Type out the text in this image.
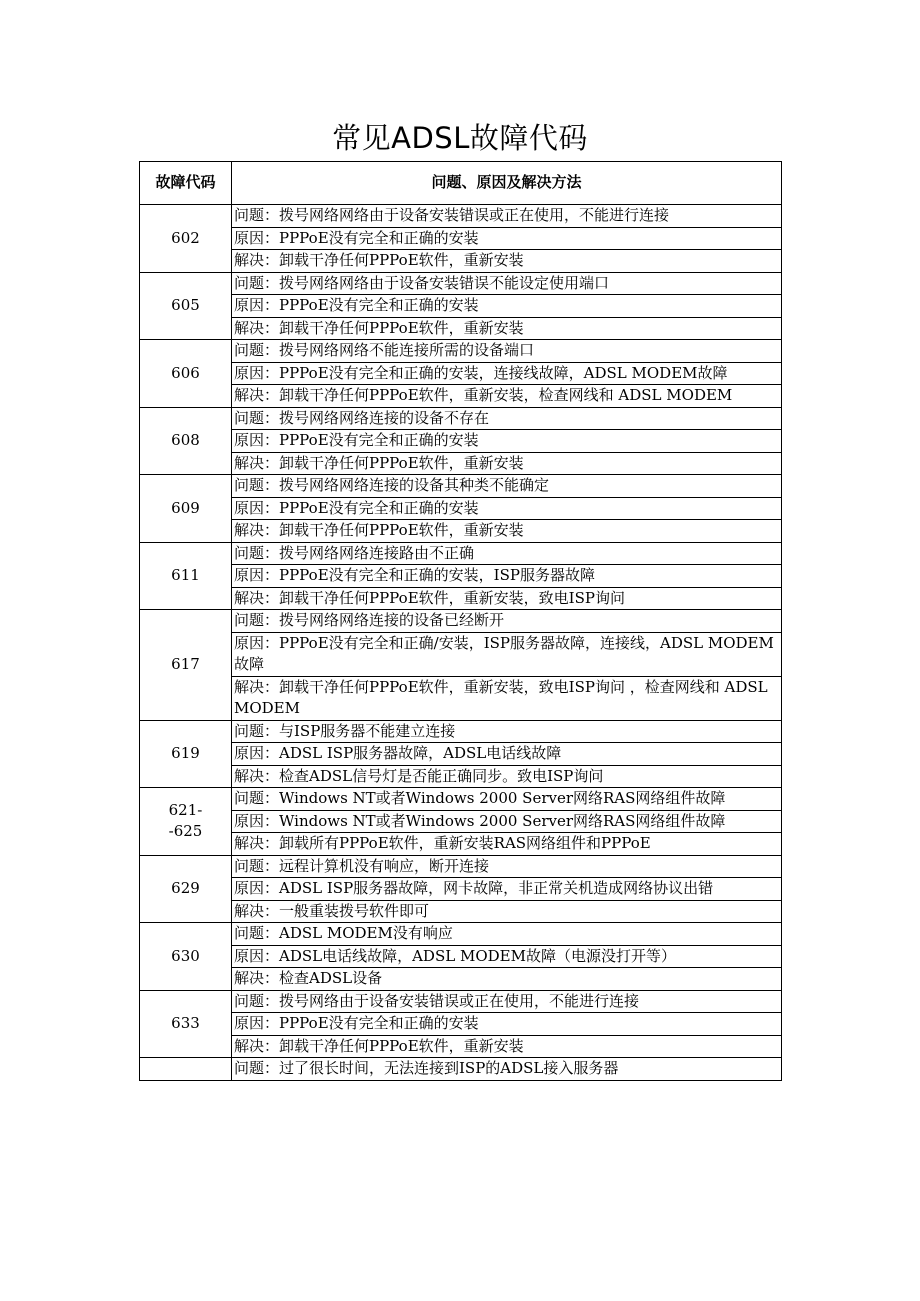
常见ADSL故障代码
故障代码	问题、原因及解决方法
602	问题：拨号网络网络由于设备安装错误或正在使用，不能进行连接
	原因：PPPoE没有完全和正确的安装
	解决：卸载干净任何PPPoE软件，重新安装
605	问题：拨号网络网络由于设备安装错误不能设定使用端口
	原因：PPPoE没有完全和正确的安装
	解决：卸载干净任何PPPoE软件，重新安装
606	问题：拨号网络网络不能连接所需的设备端口
	原因：PPPoE没有完全和正确的安装，连接线故障，ADSL MODEM故障
	解决：卸载干净任何PPPoE软件，重新安装，检查网线和 ADSL MODEM
608	问题：拨号网络网络连接的设备不存在
	原因：PPPoE没有完全和正确的安装
	解决：卸载干净任何PPPoE软件，重新安装
609	问题：拨号网络网络连接的设备其种类不能确定
	原因：PPPoE没有完全和正确的安装
	解决：卸载干净任何PPPoE软件，重新安装
611	问题：拨号网络网络连接路由不正确
	原因：PPPoE没有完全和正确的安装，ISP服务器故障
	解决：卸载干净任何PPPoE软件，重新安装，致电ISP询问
617	问题：拨号网络网络连接的设备已经断开
	原因：PPPoE没有完全和正确/安装，ISP服务器故障，连接线，ADSL MODEM故障
	解决：卸载干净任何PPPoE软件，重新安装，致电ISP询问 ，检查网线和 ADSL MODEM
619	问题：与ISP服务器不能建立连接
	原因：ADSL ISP服务器故障，ADSL电话线故障
	解决：检查ADSL信号灯是否能正确同步。致电ISP询问
621-
-625	问题：Windows NT或者Windows 2000 Server网络RAS网络组件故障
	原因：Windows NT或者Windows 2000 Server网络RAS网络组件故障
	解决：卸载所有PPPoE软件，重新安装RAS网络组件和PPPoE
629	问题：远程计算机没有响应，断开连接
	原因：ADSL ISP服务器故障，网卡故障，非正常关机造成网络协议出错
	解决：一般重装拨号软件即可
630	问题：ADSL MODEM没有响应
	原因：ADSL电话线故障，ADSL MODEM故障（电源没打开等）
	解决：检查ADSL设备
633	问题：拨号网络由于设备安装错误或正在使用，不能进行连接
	原因：PPPoE没有完全和正确的安装
	解决：卸载干净任何PPPoE软件，重新安装
	问题：过了很长时间，无法连接到ISP的ADSL接入服务器
